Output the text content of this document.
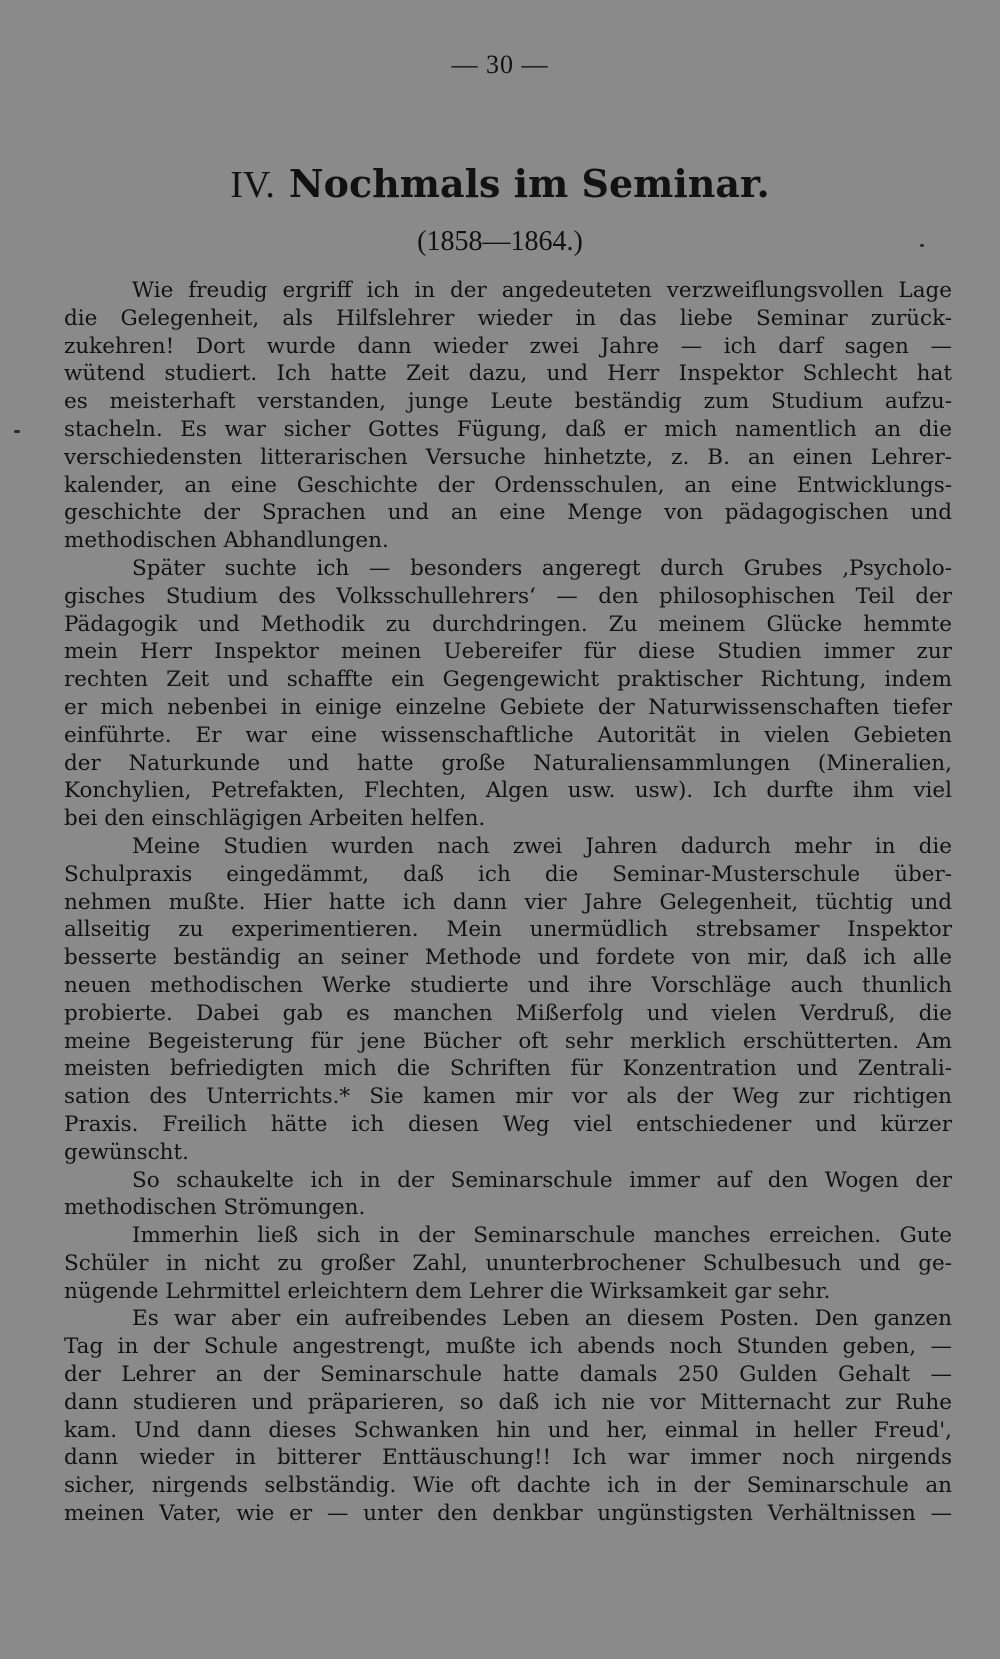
— 30 —
IV. Nochmals im Seminar.
(1858—1864.)
Wie freudig ergriff ich in der angedeuteten verzweiflungsvollen Lage
die Gelegenheit, als Hilfslehrer wieder in das liebe Seminar zurück-
zukehren! Dort wurde dann wieder zwei Jahre — ich darf sagen —
wütend studiert. Ich hatte Zeit dazu, und Herr Inspektor Schlecht hat
es meisterhaft verstanden, junge Leute beständig zum Studium aufzu-
stacheln. Es war sicher Gottes Fügung, daß er mich namentlich an die
verschiedensten litterarischen Versuche hinhetzte, z. B. an einen Lehrer-
kalender, an eine Geschichte der Ordensschulen, an eine Entwicklungs-
geschichte der Sprachen und an eine Menge von pädagogischen und
methodischen Abhandlungen.
Später suchte ich — besonders angeregt durch Grubes ‚Psycholo-
gisches Studium des Volksschullehrers‘ — den philosophischen Teil der
Pädagogik und Methodik zu durchdringen. Zu meinem Glücke hemmte
mein Herr Inspektor meinen Uebereifer für diese Studien immer zur
rechten Zeit und schaffte ein Gegengewicht praktischer Richtung, indem
er mich nebenbei in einige einzelne Gebiete der Naturwissenschaften tiefer
einführte. Er war eine wissenschaftliche Autorität in vielen Gebieten
der Naturkunde und hatte große Naturaliensammlungen (Mineralien,
Konchylien, Petrefakten, Flechten, Algen usw. usw). Ich durfte ihm viel
bei den einschlägigen Arbeiten helfen.
Meine Studien wurden nach zwei Jahren dadurch mehr in die
Schulpraxis eingedämmt, daß ich die Seminar-Musterschule über-
nehmen mußte. Hier hatte ich dann vier Jahre Gelegenheit, tüchtig und
allseitig zu experimentieren. Mein unermüdlich strebsamer Inspektor
besserte beständig an seiner Methode und fordete von mir, daß ich alle
neuen methodischen Werke studierte und ihre Vorschläge auch thunlich
probierte. Dabei gab es manchen Mißerfolg und vielen Verdruß, die
meine Begeisterung für jene Bücher oft sehr merklich erschütterten. Am
meisten befriedigten mich die Schriften für Konzentration und Zentrali-
sation des Unterrichts.* Sie kamen mir vor als der Weg zur richtigen
Praxis. Freilich hätte ich diesen Weg viel entschiedener und kürzer
gewünscht.
So schaukelte ich in der Seminarschule immer auf den Wogen der
methodischen Strömungen.
Immerhin ließ sich in der Seminarschule manches erreichen. Gute
Schüler in nicht zu großer Zahl, ununterbrochener Schulbesuch und ge-
nügende Lehrmittel erleichtern dem Lehrer die Wirksamkeit gar sehr.
Es war aber ein aufreibendes Leben an diesem Posten. Den ganzen
Tag in der Schule angestrengt, mußte ich abends noch Stunden geben, —
der Lehrer an der Seminarschule hatte damals 250 Gulden Gehalt —
dann studieren und präparieren, so daß ich nie vor Mitternacht zur Ruhe
kam. Und dann dieses Schwanken hin und her, einmal in heller Freud',
dann wieder in bitterer Enttäuschung!! Ich war immer noch nirgends
sicher, nirgends selbständig. Wie oft dachte ich in der Seminarschule an
meinen Vater, wie er — unter den denkbar ungünstigsten Verhältnissen —
